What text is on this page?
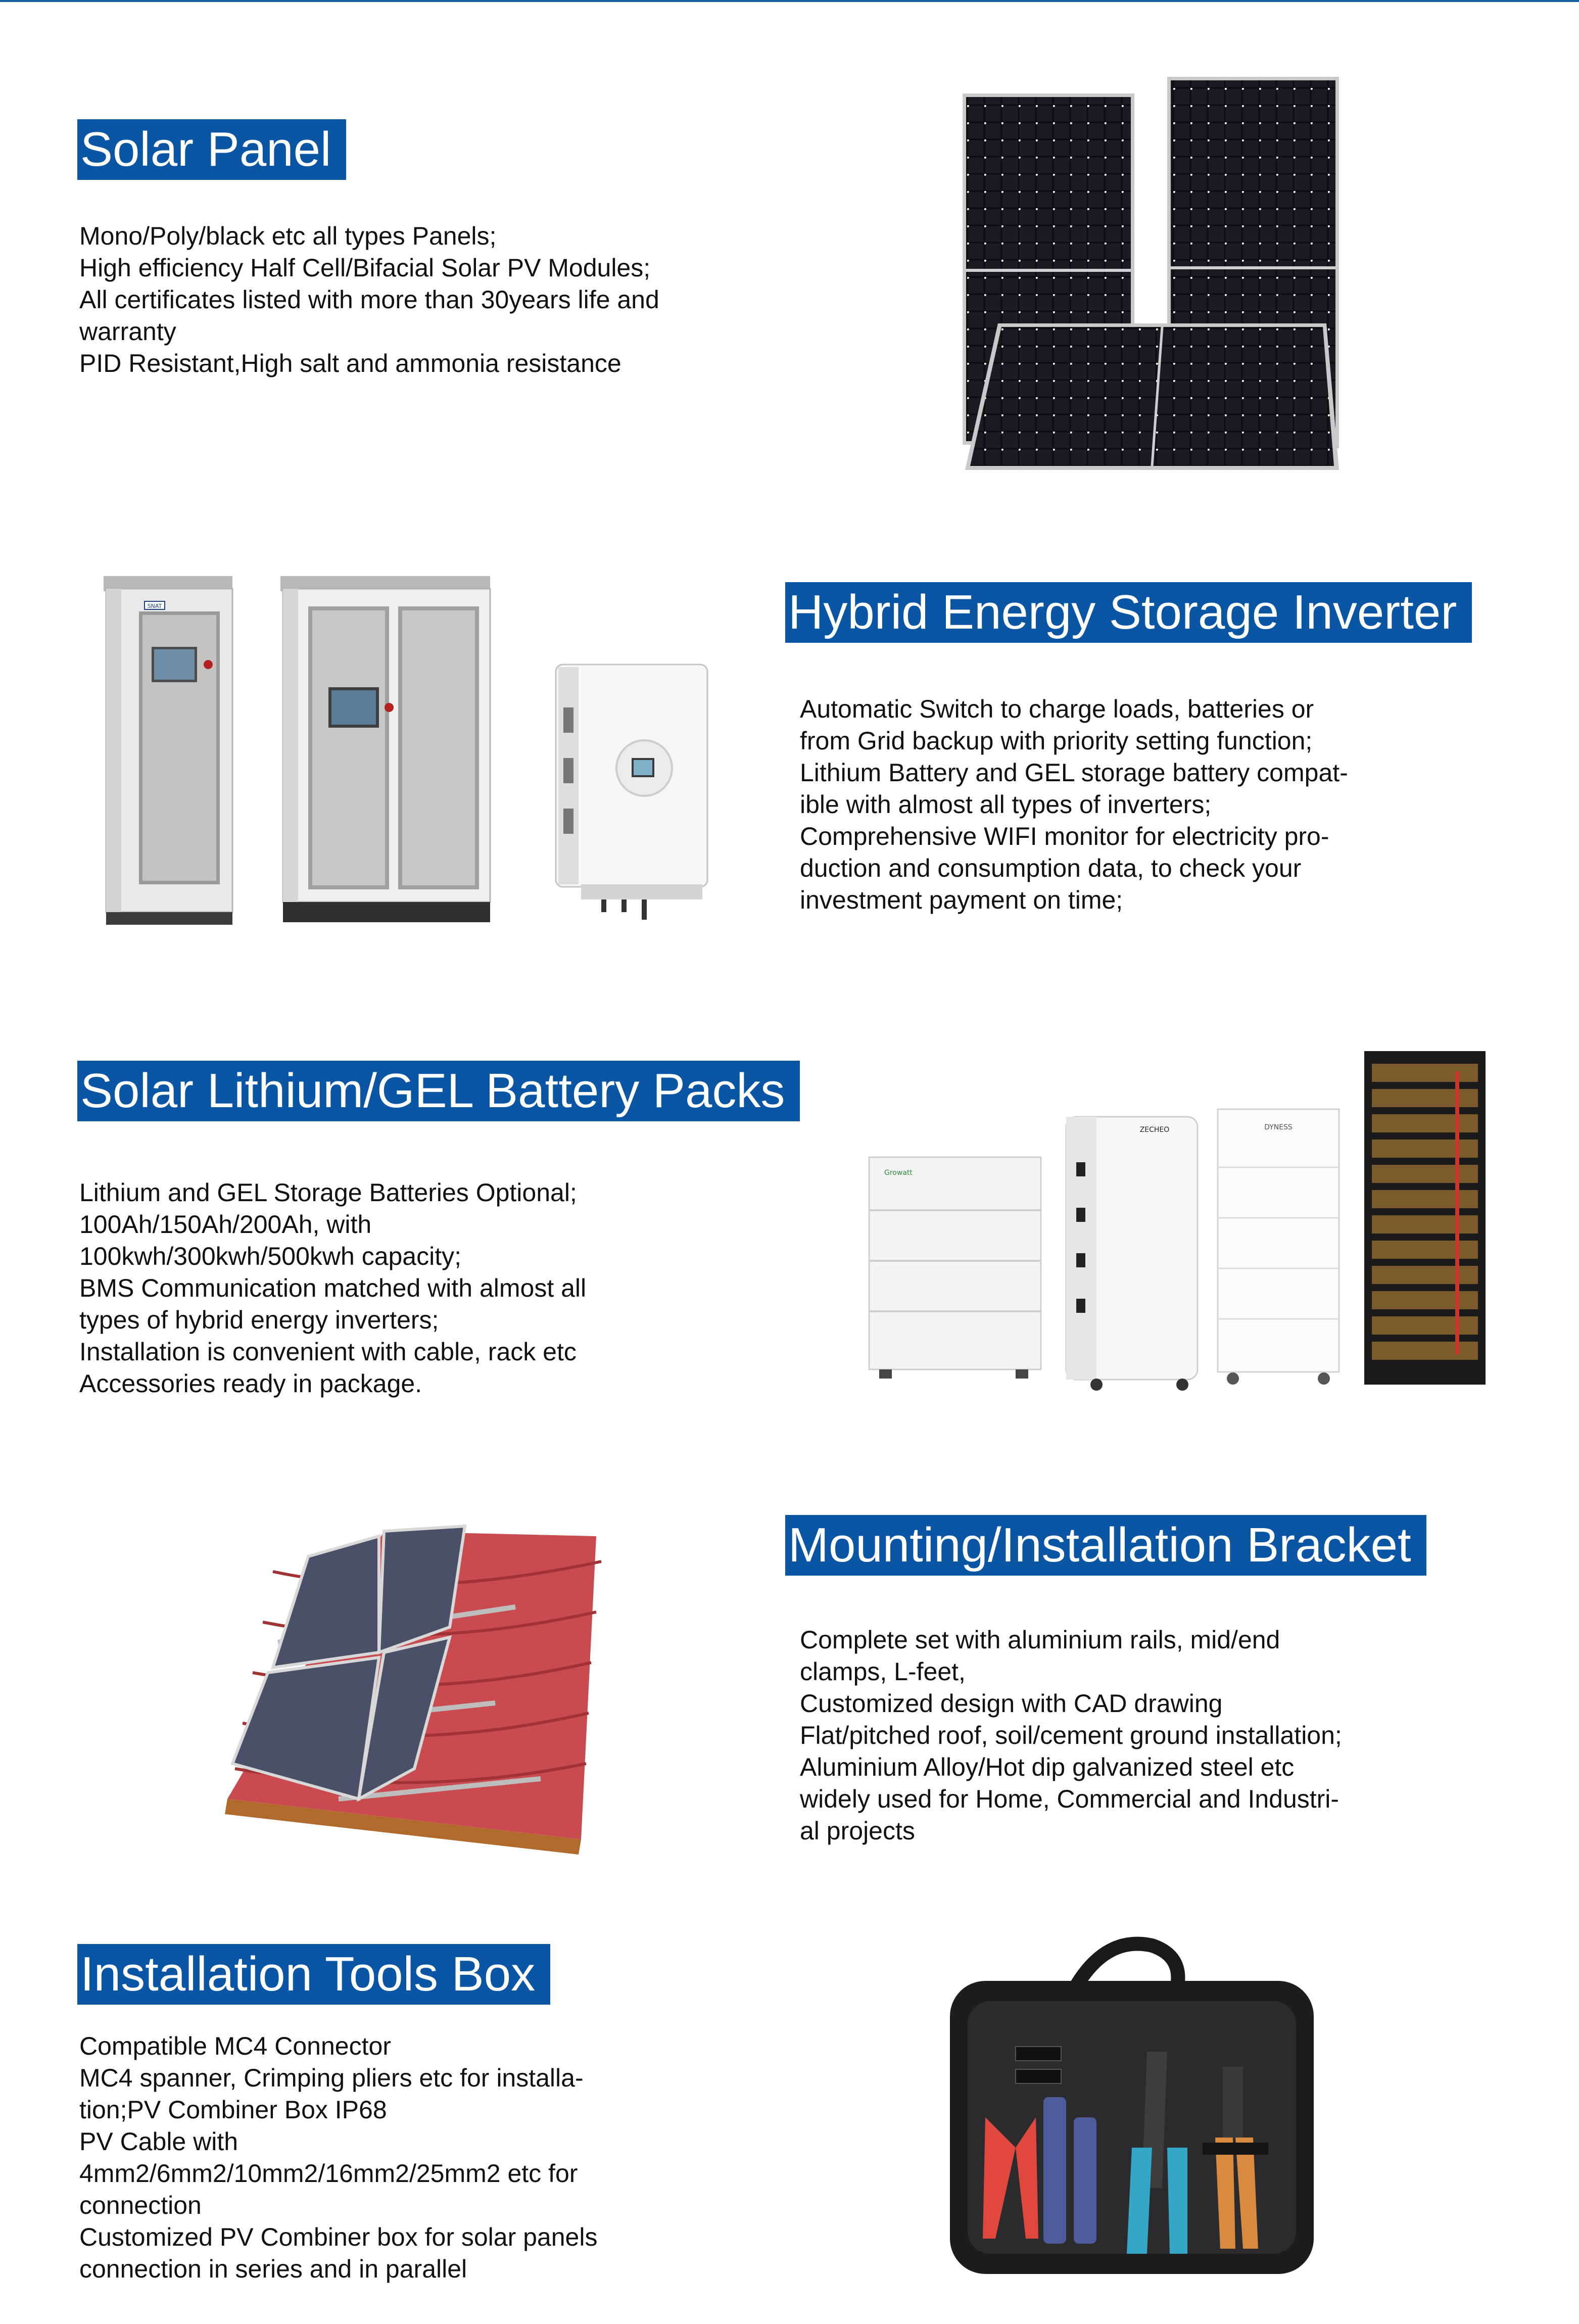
Solar Panel
Mono/Poly/black etc all types Panels;
High efficiency Half Cell/Bifacial Solar PV Modules;
All certificates listed with more than 30years life and
warranty
PID Resistant,High salt and ammonia resistance
SNAT	Hybrid Energy Storage Inverter
Automatic Switch to charge loads, batteries or
from Grid backup with priority setting function;
Lithium Battery and GEL storage battery compat-
ible with almost all types of inverters;
Comprehensive WIFI monitor for electricity pro-
duction and consumption data, to check your
investment payment on time;
Solar Lithium/GEL Battery Packs
Lithium and GEL Storage Batteries Optional;
100Ah/150Ah/200Ah, with
100kwh/300kwh/500kwh capacity;
BMS Communication matched with almost all
types of hybrid energy inverters;
Installation is convenient with cable, rack etc
Accessories ready in package.
Growatt
ZECHEO	DYNESS
Mounting/Installation Bracket
Complete set with aluminium rails, mid/end
clamps, L-feet,
Customized design with CAD drawing
Flat/pitched roof, soil/cement ground installation;
Aluminium Alloy/Hot dip galvanized steel etc
widely used for Home, Commercial and Industri-
al projects
Installation Tools Box
Compatible MC4 Connector
MC4 spanner, Crimping pliers etc for installa-
tion;PV Combiner Box IP68
PV Cable with
4mm2/6mm2/10mm2/16mm2/25mm2 etc for
connection
Customized PV Combiner box for solar panels
connection in series and in parallel
